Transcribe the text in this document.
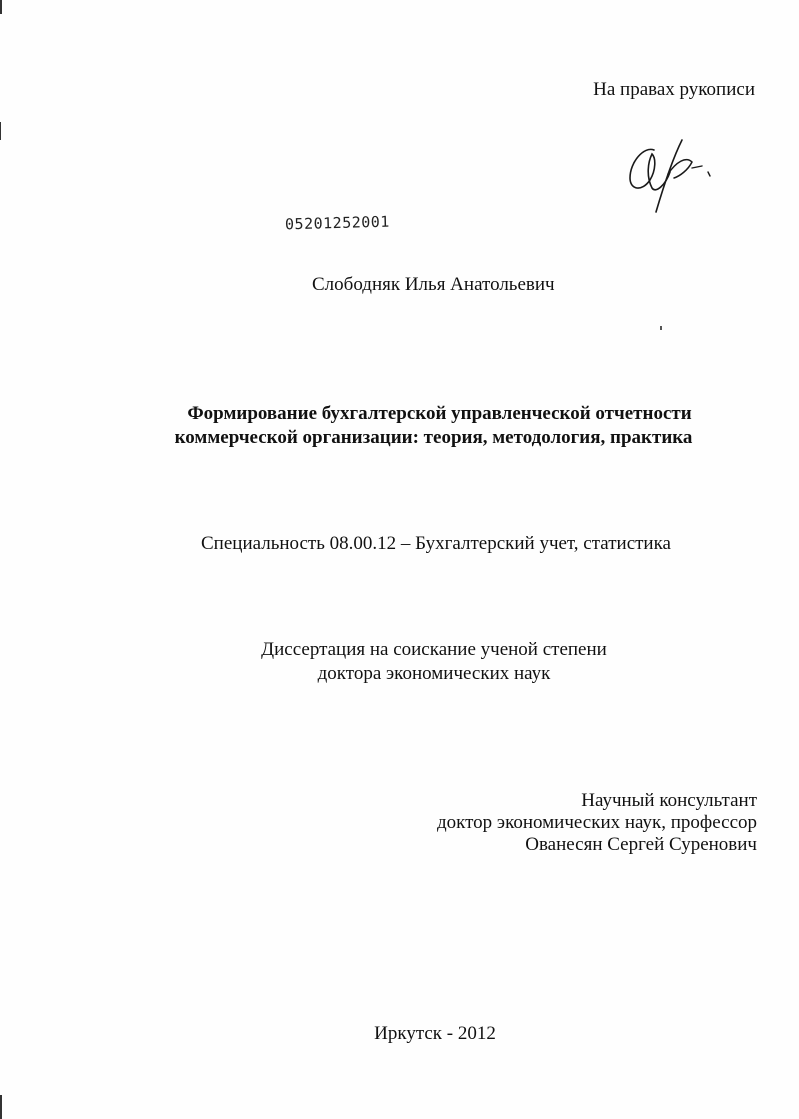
На правах рукописи
05201252001
Слободняк Илья Анатольевич
Формирование бухгалтерской управленческой отчетности
коммерческой организации: теория, методология, практика
Специальность 08.00.12 – Бухгалтерский учет, статистика
Диссертация на соискание ученой степени
доктора экономических наук
Научный консультант
доктор экономических наук, профессор
Ованесян Сергей Суренович
Иркутск - 2012
